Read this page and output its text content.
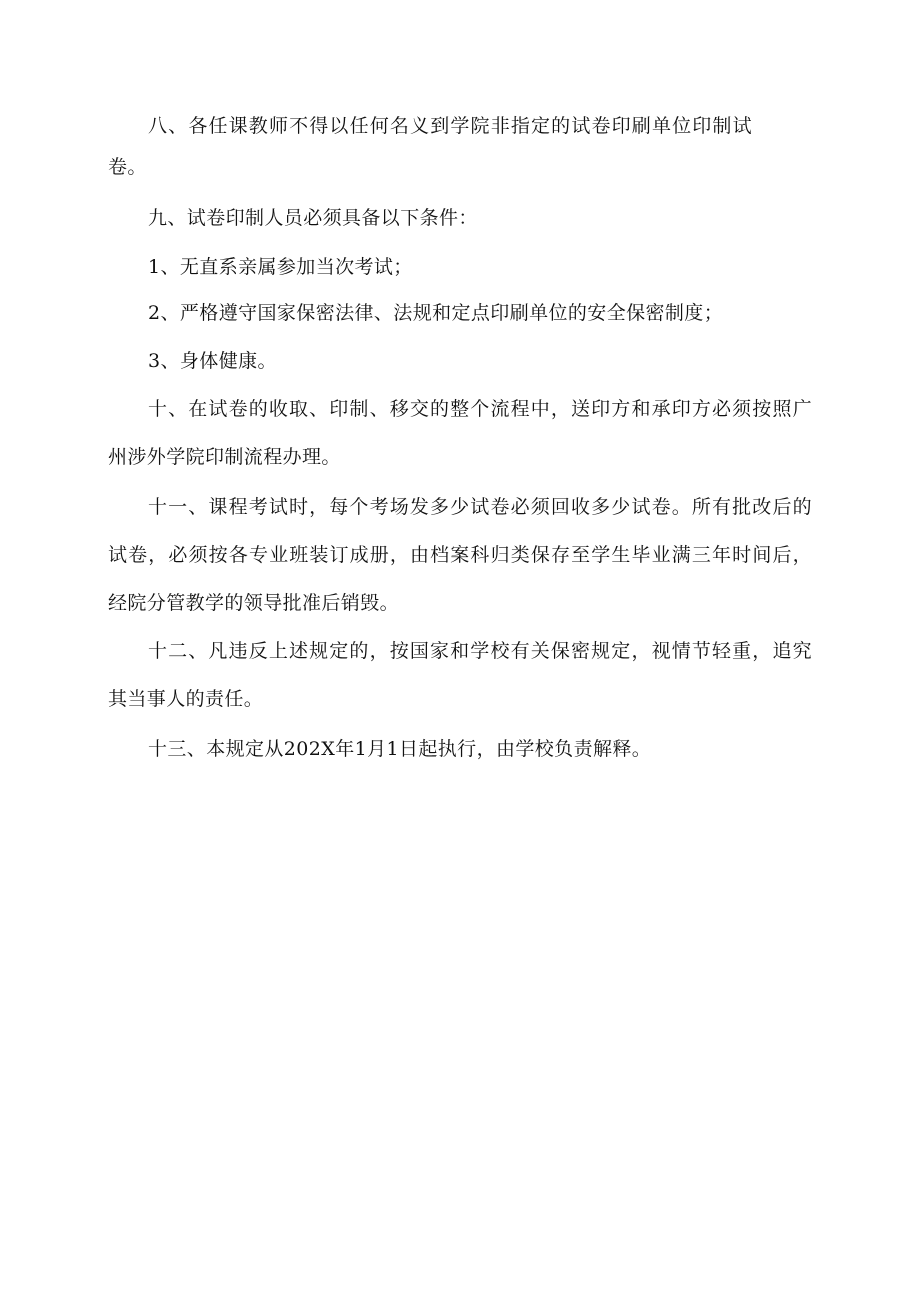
八、各任课教师不得以任何名义到学院非指定的试卷印刷单位印制试
卷。
九、试卷印制人员必须具备以下条件：
1、无直系亲属参加当次考试；
2、严格遵守国家保密法律、法规和定点印刷单位的安全保密制度；
3、身体健康。
十、在试卷的收取、印制、移交的整个流程中，送印方和承印方必须按照广
州涉外学院印制流程办理。
十一、课程考试时，每个考场发多少试卷必须回收多少试卷。所有批改后的
试卷，必须按各专业班装订成册，由档案科归类保存至学生毕业满三年时间后，
经院分管教学的领导批准后销毁。
十二、凡违反上述规定的，按国家和学校有关保密规定，视情节轻重，追究
其当事人的责任。
十三、本规定从202X年1月1日起执行，由学校负责解释。
